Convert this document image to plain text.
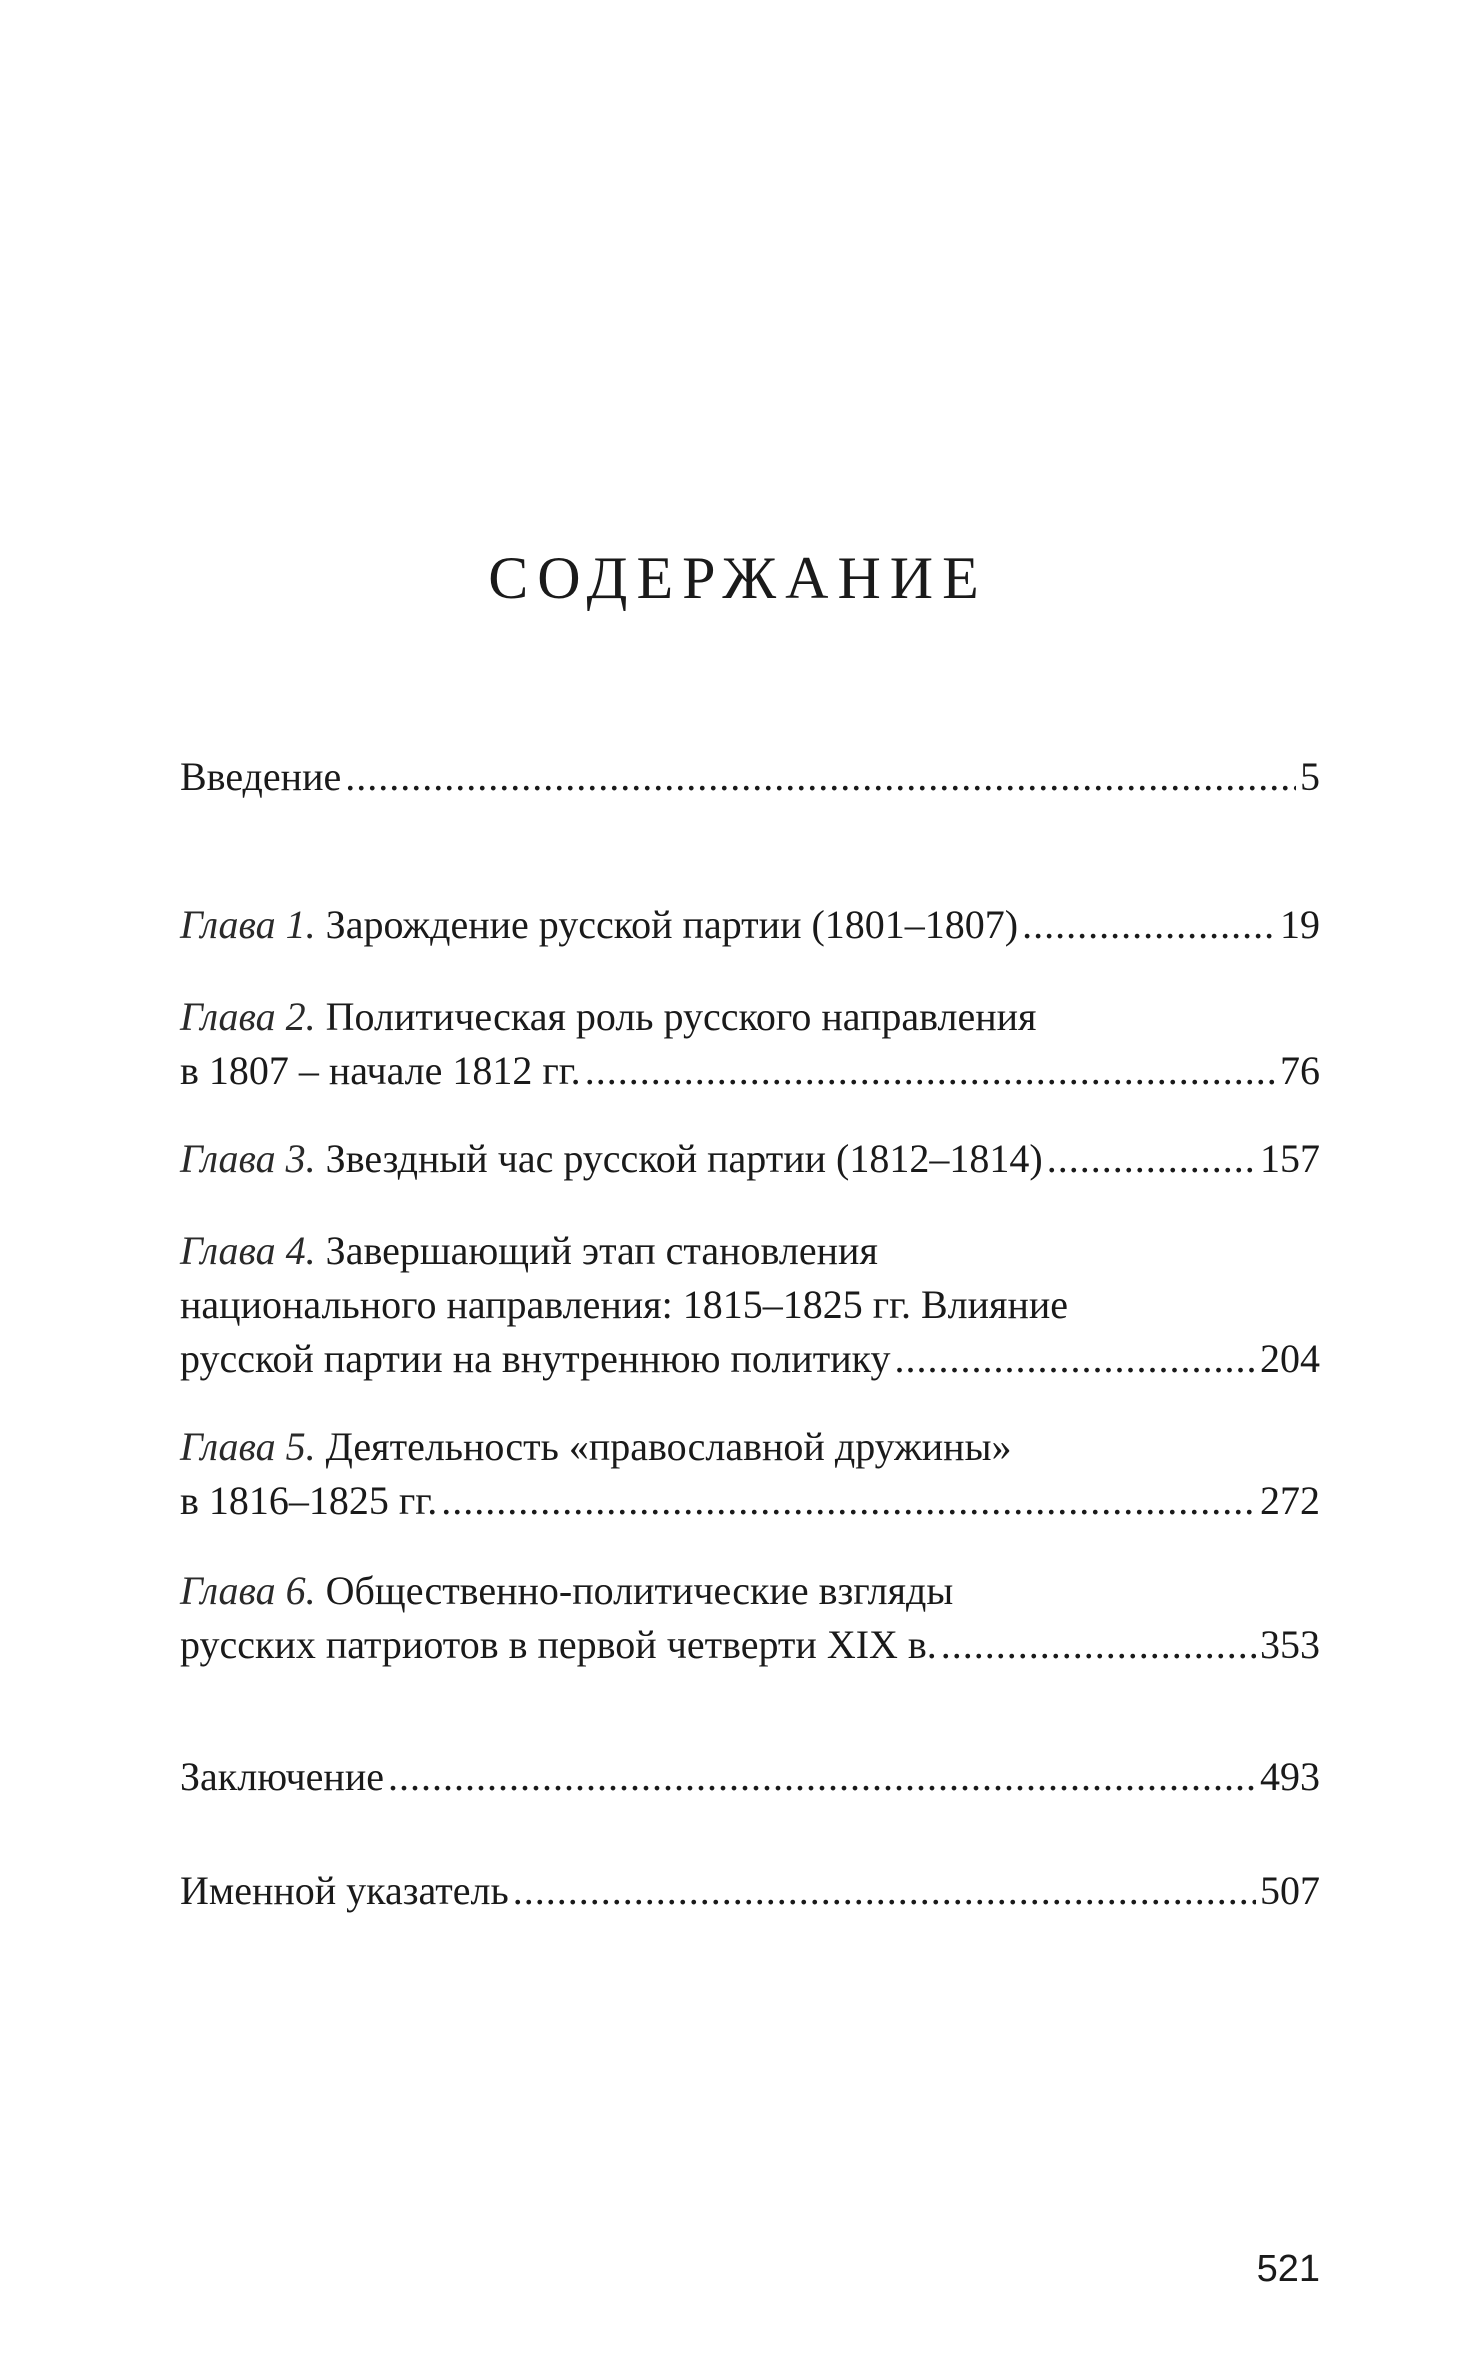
СОДЕРЖАНИЕ
Введение .....	5
Глава 1. Зарождение русской партии (1801–1807) .....	19
Глава 2. Политическая роль русского направления
в 1807 – начале 1812 гг. .....	76
Глава 3. Звездный час русской партии (1812–1814) .....	157
Глава 4. Завершающий этап становления
национального направления: 1815–1825 гг. Влияние
русской партии на внутреннюю политику .....	204
Глава 5. Деятельность «православной дружины»
в 1816–1825 гг. .....	272
Глава 6. Общественно-политические взгляды
русских патриотов в первой четверти XIX в. .....	353
Заключение .....	493
Именной указатель .....	507
521
